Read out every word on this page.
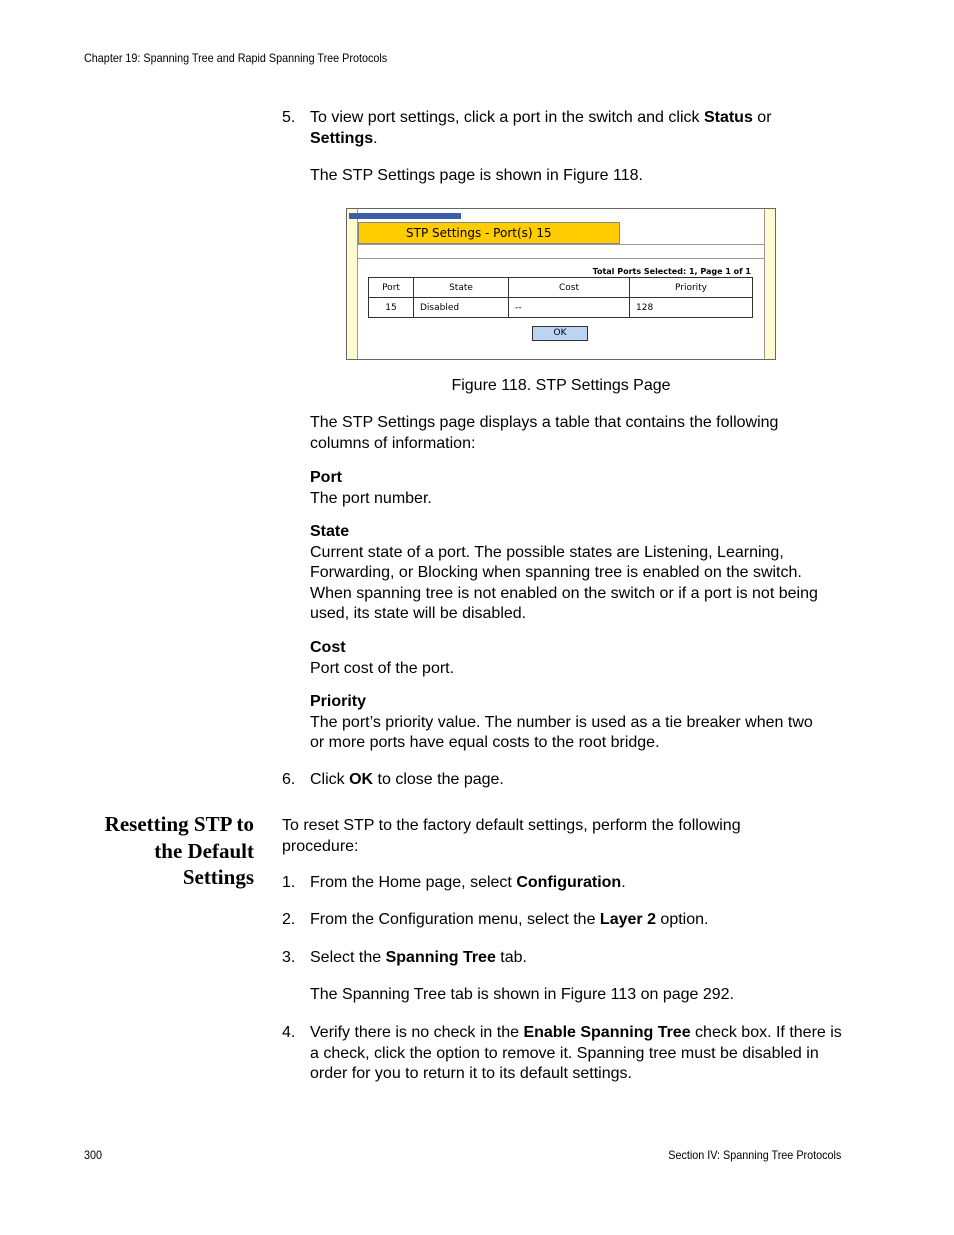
Chapter 19: Spanning Tree and Rapid Spanning Tree Protocols
5. To view port settings, click a port in the switch and click Status or
Settings.
The STP Settings page is shown in Figure 118.
STP Settings - Port(s) 15
Total Ports Selected: 1, Page 1 of 1
Port	State	Cost	Priority
15	Disabled	--	128
OK
Figure 118. STP Settings Page
The STP Settings page displays a table that contains the following columns of information:
Port
The port number.
State
Current state of a port. The possible states are Listening, Learning, Forwarding, or Blocking when spanning tree is enabled on the switch. When spanning tree is not enabled on the switch or if a port is not being used, its state will be disabled.
Cost
Port cost of the port.
Priority
The port’s priority value. The number is used as a tie breaker when two or more ports have equal costs to the root bridge.
6. Click OK to close the page.
Resetting STP to
the Default
Settings
To reset STP to the factory default settings, perform the following procedure:
1. From the Home page, select Configuration.
2. From the Configuration menu, select the Layer 2 option.
3. Select the Spanning Tree tab.
The Spanning Tree tab is shown in Figure 113 on page 292.
4. Verify there is no check in the Enable Spanning Tree check box. If there is a check, click the option to remove it. Spanning tree must be disabled in order for you to return it to its default settings.
300	Section IV: Spanning Tree Protocols
